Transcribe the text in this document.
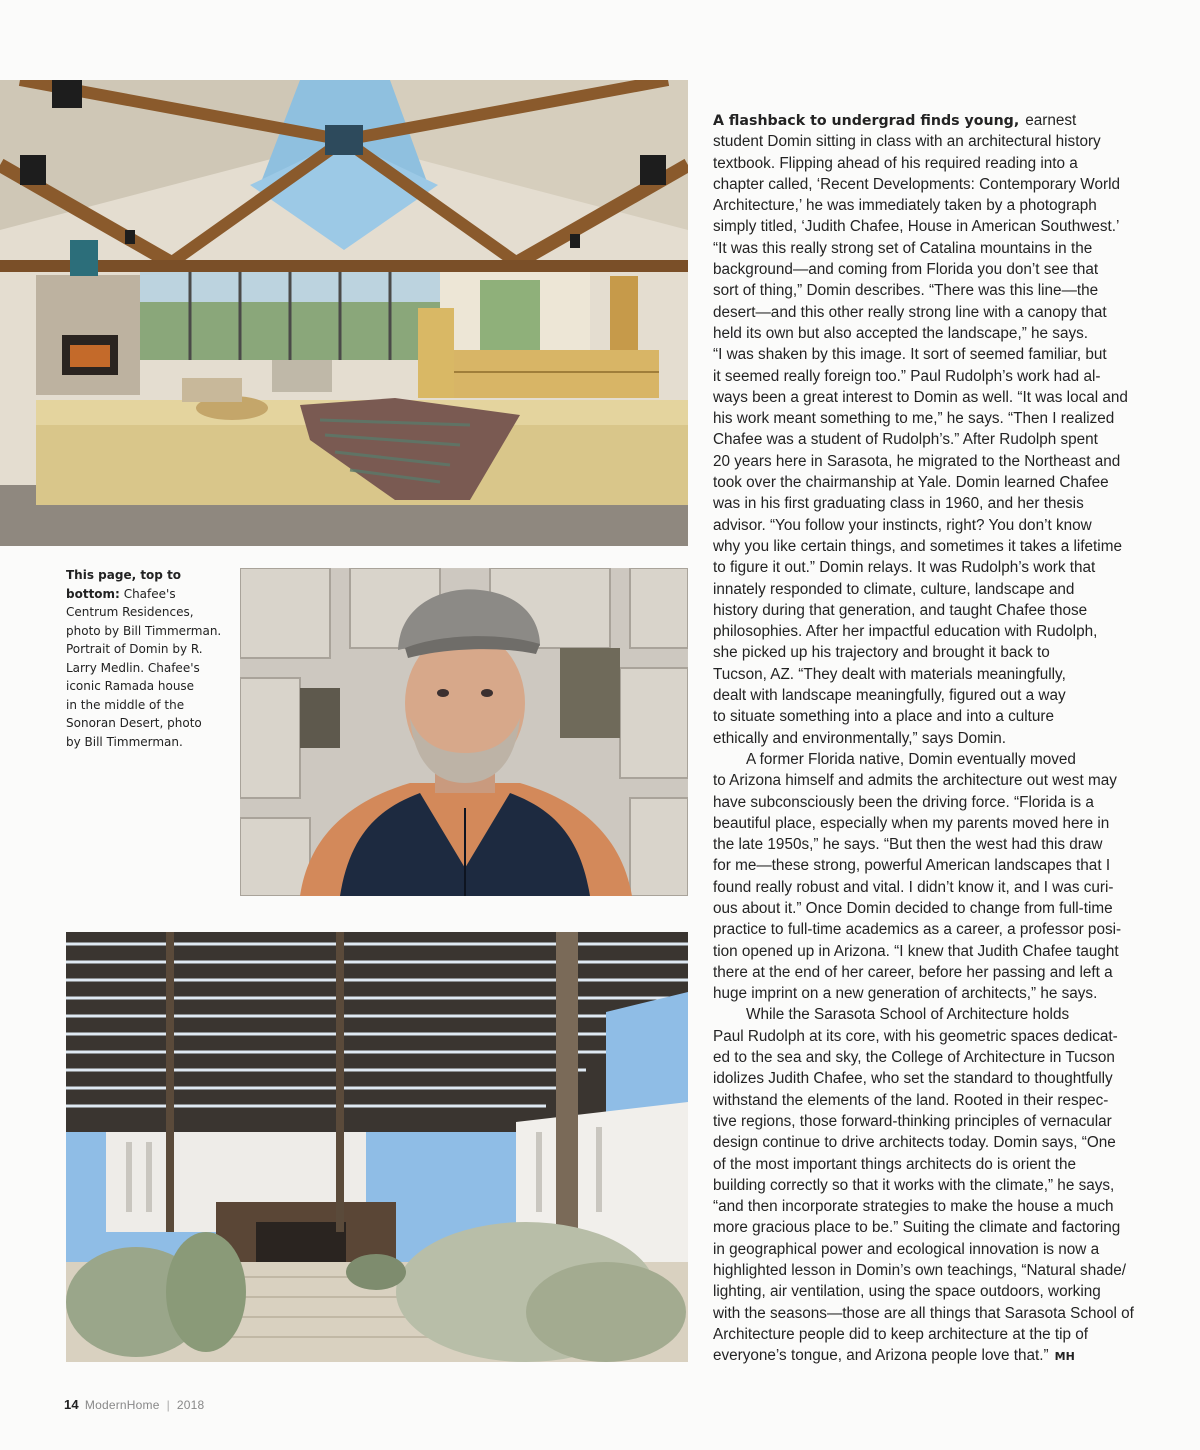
This page, top to
bottom: Chafee's
Centrum Residences,
photo by Bill Timmerman.
Portrait of Domin by R.
Larry Medlin. Chafee's
iconic Ramada house
in the middle of the
Sonoran Desert, photo
by Bill Timmerman.
A flashback to undergrad finds young, earnest
student Domin sitting in class with an architectural history
textbook. Flipping ahead of his required reading into a
chapter called, ‘Recent Developments: Contemporary World
Architecture,’ he was immediately taken by a photograph
simply titled, ‘Judith Chafee, House in American Southwest.’
“It was this really strong set of Catalina mountains in the
background—and coming from Florida you don’t see that
sort of thing,” Domin describes. “There was this line—the
desert—and this other really strong line with a canopy that
held its own but also accepted the landscape,” he says.
“I was shaken by this image. It sort of seemed familiar, but
it seemed really foreign too.” Paul Rudolph’s work had al-
ways been a great interest to Domin as well. “It was local and
his work meant something to me,” he says. “Then I realized
Chafee was a student of Rudolph’s.” After Rudolph spent
20 years here in Sarasota, he migrated to the Northeast and
took over the chairmanship at Yale. Domin learned Chafee
was in his first graduating class in 1960, and her thesis
advisor. “You follow your instincts, right? You don’t know
why you like certain things, and sometimes it takes a lifetime
to figure it out.” Domin relays. It was Rudolph’s work that
innately responded to climate, culture, landscape and
history during that generation, and taught Chafee those
philosophies. After her impactful education with Rudolph,
she picked up his trajectory and brought it back to
Tucson, AZ. “They dealt with materials meaningfully,
dealt with landscape meaningfully, figured out a way
to situate something into a place and into a culture
ethically and environmentally,” says Domin.
A former Florida native, Domin eventually moved
to Arizona himself and admits the architecture out west may
have subconsciously been the driving force. “Florida is a
beautiful place, especially when my parents moved here in
the late 1950s,” he says. “But then the west had this draw
for me—these strong, powerful American landscapes that I
found really robust and vital. I didn’t know it, and I was curi-
ous about it.” Once Domin decided to change from full-time
practice to full-time academics as a career, a professor posi-
tion opened up in Arizona. “I knew that Judith Chafee taught
there at the end of her career, before her passing and left a
huge imprint on a new generation of architects,” he says.
While the Sarasota School of Architecture holds
Paul Rudolph at its core, with his geometric spaces dedicat-
ed to the sea and sky, the College of Architecture in Tucson
idolizes Judith Chafee, who set the standard to thoughtfully
withstand the elements of the land. Rooted in their respec-
tive regions, those forward-thinking principles of vernacular
design continue to drive architects today. Domin says, “One
of the most important things architects do is orient the
building correctly so that it works with the climate,” he says,
“and then incorporate strategies to make the house a much
more gracious place to be.” Suiting the climate and factoring
in geographical power and ecological innovation is now a
highlighted lesson in Domin’s own teachings, “Natural shade/
lighting, air ventilation, using the space outdoors, working
with the seasons—those are all things that Sarasota School of
Architecture people did to keep architecture at the tip of
everyone’s tongue, and Arizona people love that.” MH
14 ModernHome | 2018
